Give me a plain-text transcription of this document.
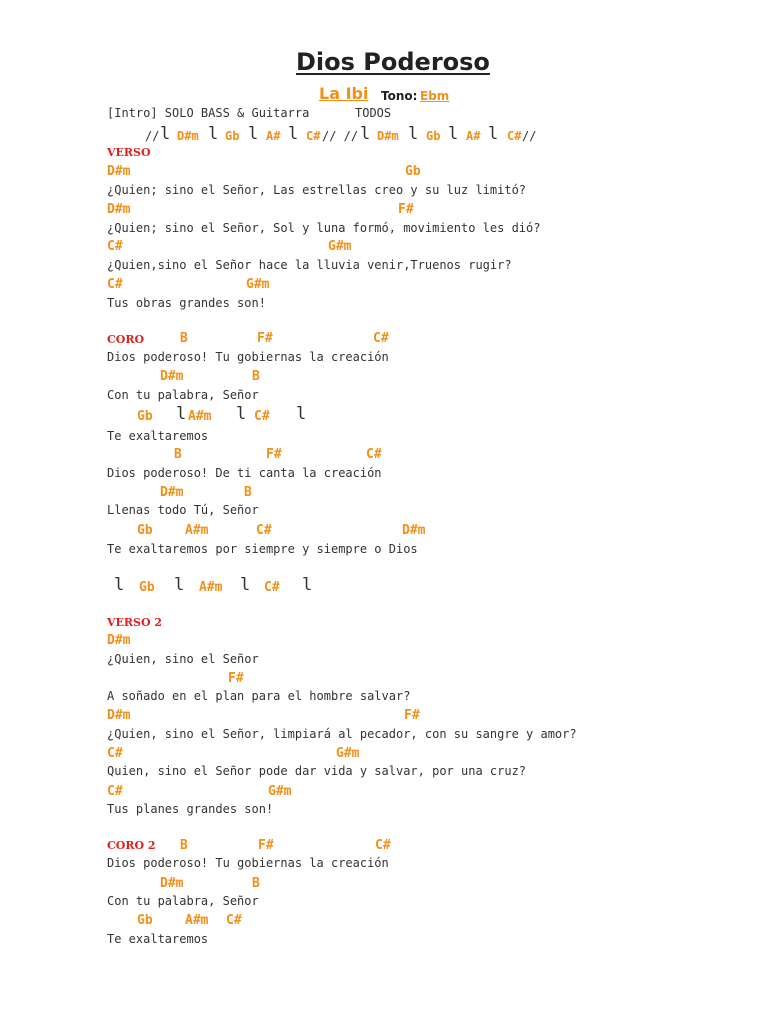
Dios Poderoso
La Ibi Tono: Ebm
[Intro] SOLO BASS & Guitarra	TODOS
// l D#m l Gb l A# l C# // // l D#m l Gb l A# l C# //
VERSO
D#m	Gb
¿Quien; sino el Señor, Las estrellas creo y su luz limitó?
D#m	F#
¿Quien; sino el Señor, Sol y luna formó, movimiento les dió?
C#	G#m
¿Quien,sino el Señor hace la lluvia venir,Truenos rugir?
C#	G#m
Tus obras grandes son!
CORO	B	F#	C#
Dios poderoso! Tu gobiernas la creación
D#m	B
Con tu palabra, Señor
Gb l A#m l C# l
Te exaltaremos
B	F#	C#
Dios poderoso! De ti canta la creación
D#m	B
Llenas todo Tú, Señor
Gb A#m	C#	D#m
Te exaltaremos por siempre y siempre o Dios
l Gb l A#m l C# l
VERSO 2
D#m
¿Quien, sino el Señor
F#
A soñado en el plan para el hombre salvar?
D#m	F#
¿Quien, sino el Señor, limpiará al pecador, con su sangre y amor?
C#	G#m
Quien, sino el Señor pode dar vida y salvar, por una cruz?
C#	G#m
Tus planes grandes son!
CORO 2 B	F#	C#
Dios poderoso! Tu gobiernas la creación
D#m	B
Con tu palabra, Señor
Gb A#m C#
Te exaltaremos
